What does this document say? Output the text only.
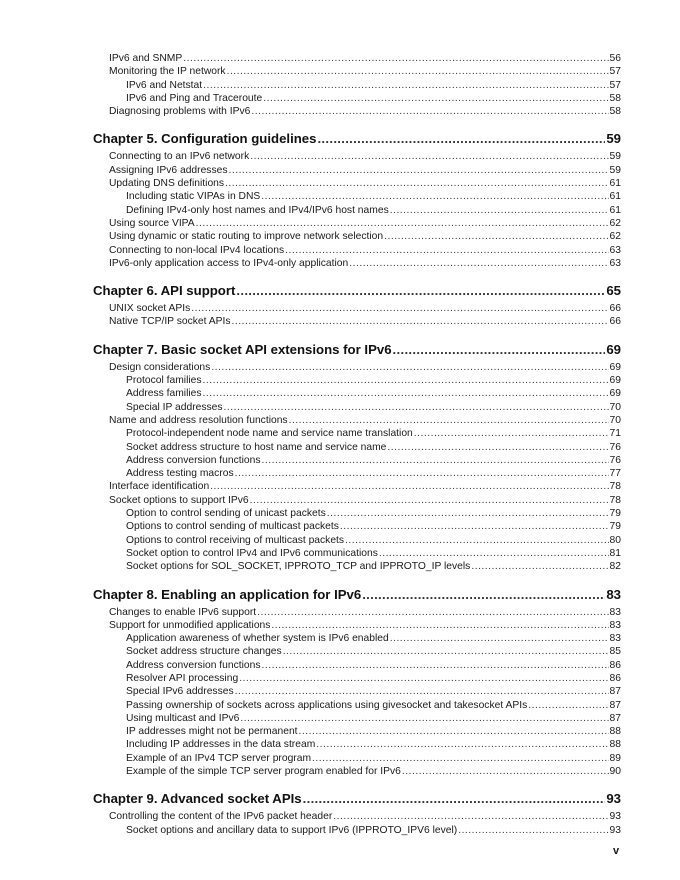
IPv6 and SNMP .....	56
Monitoring the IP network .....	57
IPv6 and Netstat .....	57
IPv6 and Ping and Traceroute .....	58
Diagnosing problems with IPv6 .....	58
Chapter 5. Configuration guidelines .....	59
Connecting to an IPv6 network .....	59
Assigning IPv6 addresses .....	59
Updating DNS definitions .....	61
Including static VIPAs in DNS .....	61
Defining IPv4-only host names and IPv4/IPv6 host names .....	61
Using source VIPA .....	62
Using dynamic or static routing to improve network selection .....	62
Connecting to non-local IPv4 locations .....	63
IPv6-only application access to IPv4-only application .....	63
Chapter 6. API support .....	65
UNIX socket APIs .....	66
Native TCP/IP socket APIs .....	66
Chapter 7. Basic socket API extensions for IPv6 .....	69
Design considerations .....	69
Protocol families .....	69
Address families .....	69
Special IP addresses .....	70
Name and address resolution functions .....	70
Protocol-independent node name and service name translation .....	71
Socket address structure to host name and service name .....	76
Address conversion functions .....	76
Address testing macros .....	77
Interface identification .....	78
Socket options to support IPv6 .....	78
Option to control sending of unicast packets .....	79
Options to control sending of multicast packets .....	79
Options to control receiving of multicast packets .....	80
Socket option to control IPv4 and IPv6 communications .....	81
Socket options for SOL_SOCKET, IPPROTO_TCP and IPPROTO_IP levels .....	82
Chapter 8. Enabling an application for IPv6 .....	83
Changes to enable IPv6 support .....	83
Support for unmodified applications .....	83
Application awareness of whether system is IPv6 enabled .....	83
Socket address structure changes .....	85
Address conversion functions .....	86
Resolver API processing .....	86
Special IPv6 addresses .....	87
Passing ownership of sockets across applications using givesocket and takesocket APIs .....	87
Using multicast and IPv6 .....	87
IP addresses might not be permanent .....	88
Including IP addresses in the data stream .....	88
Example of an IPv4 TCP server program .....	89
Example of the simple TCP server program enabled for IPv6 .....	90
Chapter 9. Advanced socket APIs .....	93
Controlling the content of the IPv6 packet header .....	93
Socket options and ancillary data to support IPv6 (IPPROTO_IPV6 level) .....	93
v
